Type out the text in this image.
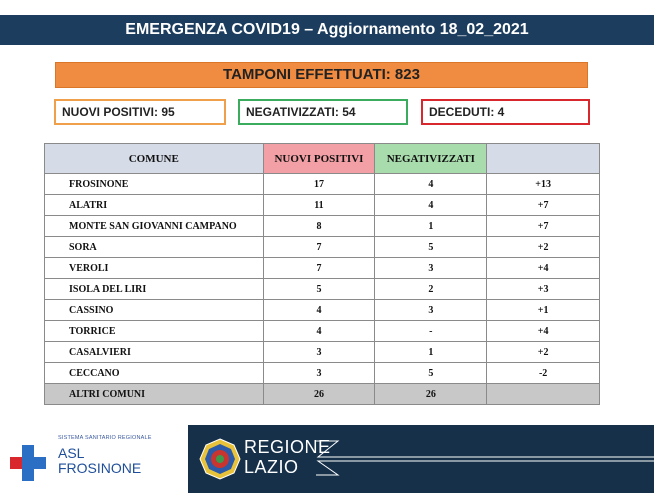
EMERGENZA COVID19 – Aggiornamento 18_02_2021
TAMPONI EFFETTUATI: 823
NUOVI POSITIVI: 95	NEGATIVIZZATI: 54	DECEDUTI: 4
COMUNE	NUOVI POSITIVI	NEGATIVIZZATI	
FROSINONE	17	4	+13
ALATRI	11	4	+7
MONTE SAN GIOVANNI CAMPANO	8	1	+7
SORA	7	5	+2
VEROLI	7	3	+4
ISOLA DEL LIRI	5	2	+3
CASSINO	4	3	+1
TORRICE	4	-	+4
CASALVIERI	3	1	+2
CECCANO	3	5	-2
ALTRI COMUNI	26	26	
SISTEMA SANITARIO REGIONALE
ASL
FROSINONE
REGIONE
LAZIO
